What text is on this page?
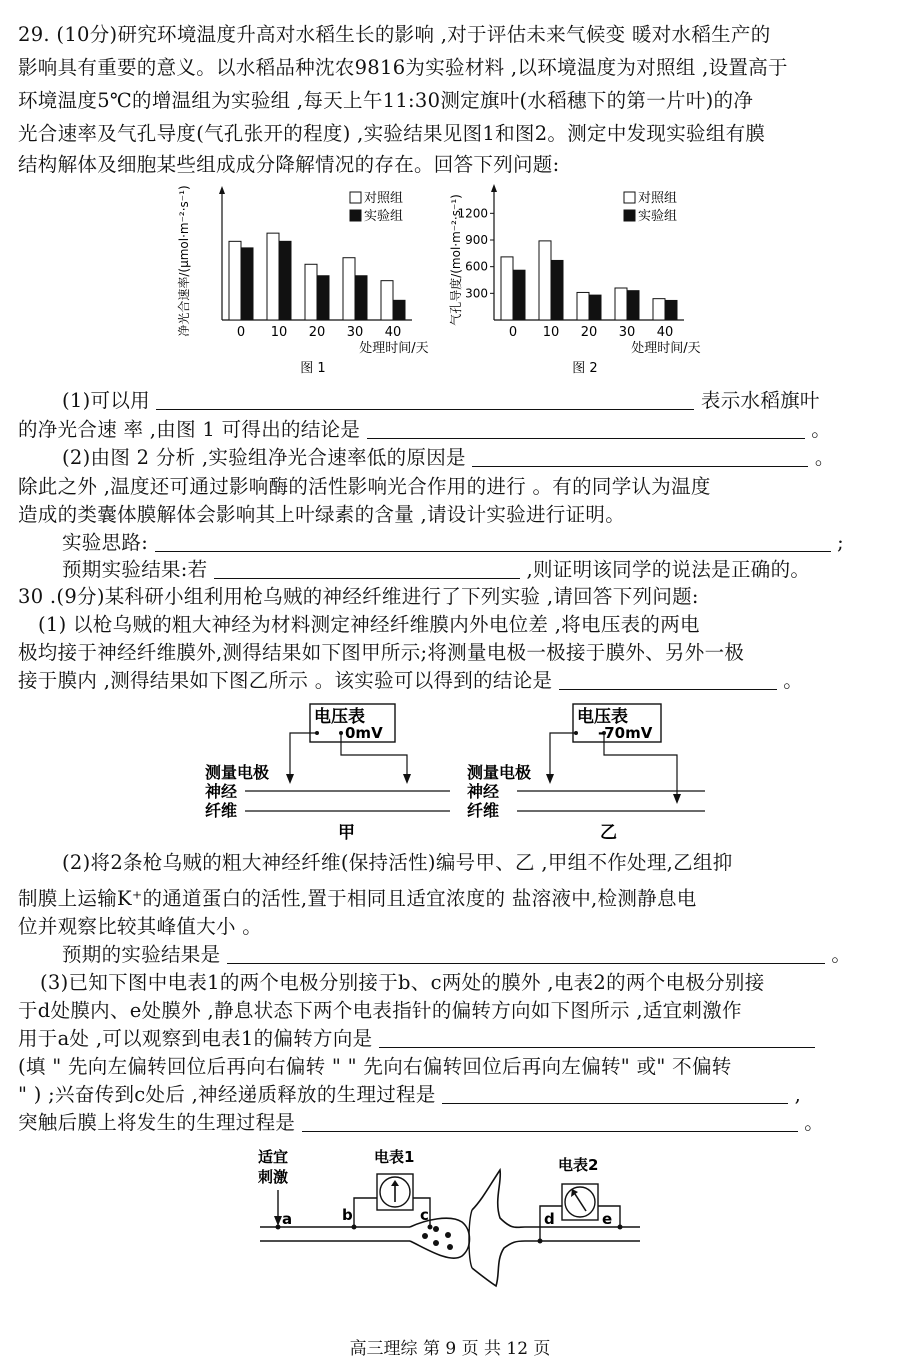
29. (10分)研究环境温度升高对水稻生长的影响 ,对于评估未来气候变 暖对水稻生产的
影响具有重要的意义。以水稻品种沈农9816为实验材料 ,以环境温度为对照组 ,设置高于
环境温度5℃的增温组为实验组 ,每天上午11:30测定旗叶(水稻穗下的第一片叶)的净
光合速率及气孔导度(气孔张开的程度) ,实验结果见图1和图2。测定中发现实验组有膜
结构解体及细胞某些组成成分降解情况的存在。回答下列问题:
净光合速率/(μmol·m⁻²·s⁻¹)	0 10 20 30 40
处理时间/天
图 1
对照组
实验组
300
600
900
1200
气孔导度/(mol·m⁻²·s⁻¹)
0 10 20 30 40
处理时间/天
图 2
对照组
实验组
(1)可以用	表示水稻旗叶
的净光合速 率 ,由图 1 可得出的结论是	。
(2)由图 2 分析 ,实验组净光合速率低的原因是	。
除此之外 ,温度还可通过影响酶的活性影响光合作用的进行 。有的同学认为温度
造成的类囊体膜解体会影响其上叶绿素的含量 ,请设计实验进行证明。
实验思路:	;
预期实验结果:若	,则证明该同学的说法是正确的。
30 .(9分)某科研小组利用枪乌贼的神经纤维进行了下列实验 ,请回答下列问题:
(1) 以枪乌贼的粗大神经为材料测定神经纤维膜内外电位差 ,将电压表的两电
极均接于神经纤维膜外,测得结果如下图甲所示;将测量电极一极接于膜外、另外一极
接于膜内 ,测得结果如下图乙所示 。该实验可以得到的结论是	。
电压表
0mV
测量电极
神经
纤维
甲
电压表
-70mV
测量电极
神经
纤维
乙
(2)将2条枪乌贼的粗大神经纤维(保持活性)编号甲、乙 ,甲组不作处理,乙组抑
制膜上运输K⁺的通道蛋白的活性,置于相同且适宜浓度的 盐溶液中,检测静息电
位并观察比较其峰值大小 。
预期的实验结果是	。
(3)已知下图中电表1的两个电极分别接于b、c两处的膜外 ,电表2的两个电极分别接
于d处膜内、e处膜外 ,静息状态下两个电表指针的偏转方向如下图所示 ,适宜刺激作
用于a处 ,可以观察到电表1的偏转方向是
(填 " 先向左偏转回位后再向右偏转 " " 先向右偏转回位后再向左偏转" 或" 不偏转
" ) ;兴奋传到c处后 ,神经递质释放的生理过程是	,
突触后膜上将发生的生理过程是	。
适宜刺激
a	b	c	d	e
电表1	电表2
高三理综 第 9 页 共 12 页
